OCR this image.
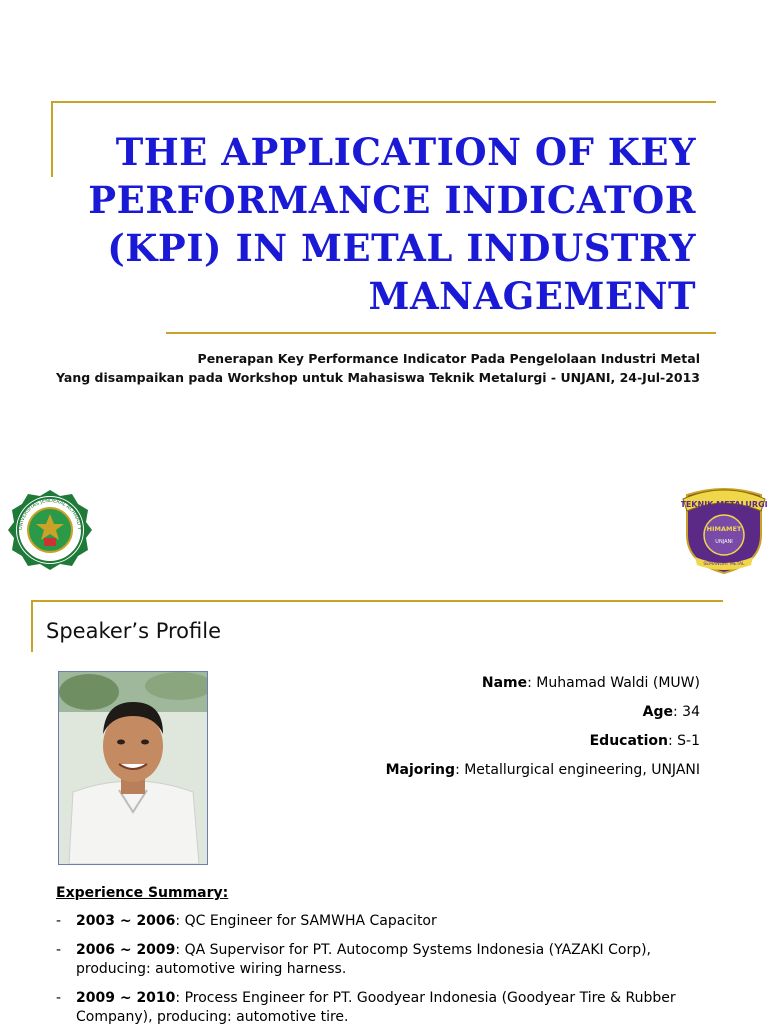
THE APPLICATION OF KEY PERFORMANCE INDICATOR (KPI) IN METAL INDUSTRY MANAGEMENT
Penerapan Key Performance Indicator Pada Pengelolaan Industri Metal
Yang disampaikan pada Workshop untuk Mahasiswa Teknik Metalurgi - UNJANI, 24-Jul-2013
UNIVERSITAS JENDERAL ACHMAD Y
TEKNIK METALURGI
HIMAMET
UNJANI
SEMANGAT METAL
Speaker’s Profile
Name: Muhamad Waldi (MUW)
Age: 34
Education: S-1
Majoring: Metallurgical engineering, UNJANI
Experience Summary:
- 2003 ~ 2006: QC Engineer for SAMWHA Capacitor
- 2006 ~ 2009: QA Supervisor for PT. Autocomp Systems Indonesia (YAZAKI Corp), producing: automotive wiring harness.
- 2009 ~ 2010: Process Engineer for PT. Goodyear Indonesia (Goodyear Tire & Rubber Company), producing: automotive tire.
